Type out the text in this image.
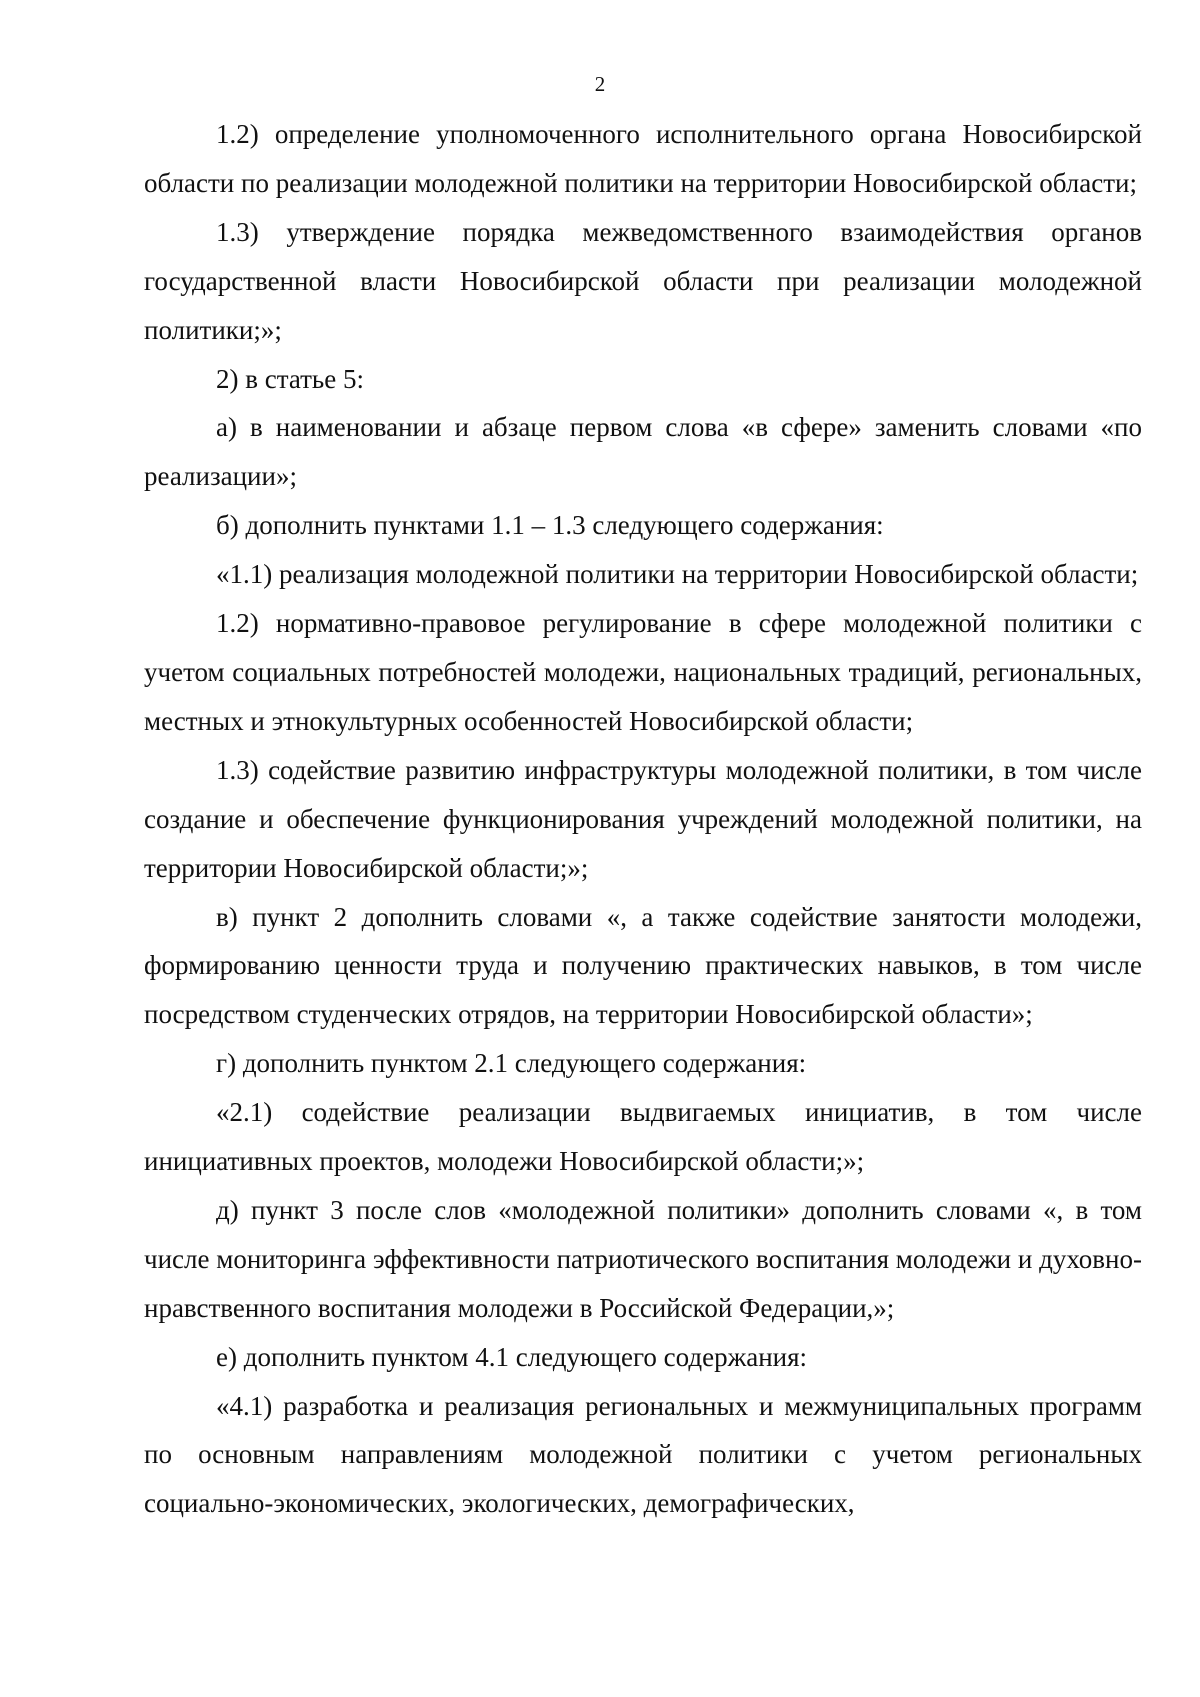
2

1.2) определение уполномоченного исполнительного органа Новосибирской области по реализации молодежной политики на территории Новосибирской области;

1.3) утверждение порядка межведомственного взаимодействия органов государственной власти Новосибирской области при реализации молодежной политики;»;

2) в статье 5:

а) в наименовании и абзаце первом слова «в сфере» заменить словами «по реализации»;

б) дополнить пунктами 1.1 – 1.3 следующего содержания:

«1.1) реализация молодежной политики на территории Новосибирской области;

1.2) нормативно-правовое регулирование в сфере молодежной политики с учетом социальных потребностей молодежи, национальных традиций, региональных, местных и этнокультурных особенностей Новосибирской области;

1.3) содействие развитию инфраструктуры молодежной политики, в том числе создание и обеспечение функционирования учреждений молодежной политики, на территории Новосибирской области;»;

в) пункт 2 дополнить словами «, а также содействие занятости молодежи, формированию ценности труда и получению практических навыков, в том числе посредством студенческих отрядов, на территории Новосибирской области»;

г) дополнить пунктом 2.1 следующего содержания:

«2.1) содействие реализации выдвигаемых инициатив, в том числе инициативных проектов, молодежи Новосибирской области;»;

д) пункт 3 после слов «молодежной политики» дополнить словами «, в том числе мониторинга эффективности патриотического воспитания молодежи и духовно-нравственного воспитания молодежи в Российской Федерации,»;

е) дополнить пунктом 4.1 следующего содержания:

«4.1) разработка и реализация региональных и межмуниципальных программ по основным направлениям молодежной политики с учетом региональных социально-экономических, экологических, демографических,
